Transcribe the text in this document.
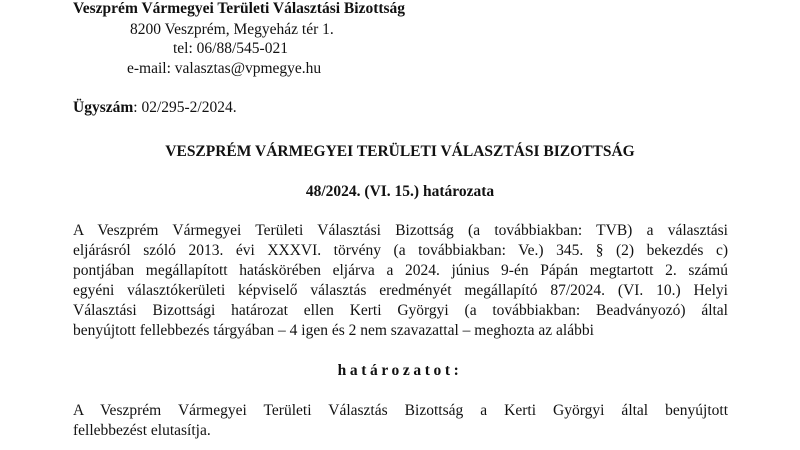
Veszprém Vármegyei Területi Választási Bizottság
8200 Veszprém, Megyeház tér 1.
tel: 06/88/545-021
e-mail: valasztas@vpmegye.hu
Ügyszám: 02/295-2/2024.
VESZPRÉM VÁRMEGYEI TERÜLETI VÁLASZTÁSI BIZOTTSÁG
48/2024. (VI. 15.) határozata
A Veszprém Vármegyei Területi Választási Bizottság (a továbbiakban: TVB) a választási
eljárásról szóló 2013. évi XXXVI. törvény (a továbbiakban: Ve.) 345. § (2) bekezdés c)
pontjában megállapított hatáskörében eljárva a 2024. június 9-én Pápán megtartott 2. számú
egyéni választókerületi képviselő választás eredményét megállapító 87/2024. (VI. 10.) Helyi
Választási Bizottsági határozat ellen Kerti Györgyi (a továbbiakban: Beadványozó) által
benyújtott fellebbezés tárgyában – 4 igen és 2 nem szavazattal – meghozta az alábbi
határozatot:
A Veszprém Vármegyei Területi Választás Bizottság a Kerti Györgyi által benyújtott
fellebbezést elutasítja.
